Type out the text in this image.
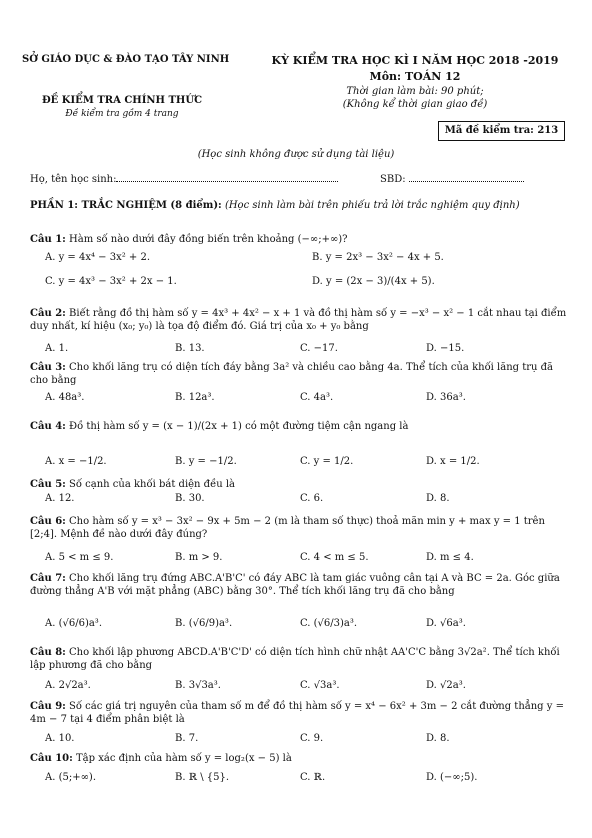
SỞ GIÁO DỤC & ĐÀO TẠO TÂY NINH	KỲ KIỂM TRA HỌC KÌ I NĂM HỌC 2018 -2019
Môn: TOÁN 12
Thời gian làm bài: 90 phút;
(Không kể thời gian giao đề)
ĐỀ KIỂM TRA CHÍNH THỨC
Đề kiểm tra gồm 4 trang
Mã đề kiểm tra: 213
(Học sinh không được sử dụng tài liệu)
Họ, tên học sinh:	SBD:
PHẦN 1: TRẮC NGHIỆM (8 điểm): (Học sinh làm bài trên phiếu trả lời trắc nghiệm quy định)
Câu 1: Hàm số nào dưới đây đồng biến trên khoảng (−∞;+∞)?
A. y = 4x⁴ − 3x² + 2.	B. y = 2x³ − 3x² − 4x + 5.
C. y = 4x³ − 3x² + 2x − 1.	D. y = (2x − 3)/(4x + 5).
Câu 2: Biết rằng đồ thị hàm số y = 4x³ + 4x² − x + 1 và đồ thị hàm số y = −x³ − x² − 1 cắt nhau tại điểm duy nhất, kí hiệu (x₀; y₀) là tọa độ điểm đó. Giá trị của x₀ + y₀ bằng
A. 1.	B. 13.	C. −17.	D. −15.
Câu 3: Cho khối lăng trụ có diện tích đáy bằng 3a² và chiều cao bằng 4a. Thể tích của khối lăng trụ đã cho bằng
A. 48a³.	B. 12a³.	C. 4a³.	D. 36a³.
Câu 4: Đồ thị hàm số y = (x − 1)/(2x + 1) có một đường tiệm cận ngang là
A. x = −1/2.	B. y = −1/2.	C. y = 1/2.	D. x = 1/2.
Câu 5: Số cạnh của khối bát diện đều là
A. 12.	B. 30.	C. 6.	D. 8.
Câu 6: Cho hàm số y = x³ − 3x² − 9x + 5m − 2 (m là tham số thực) thoả mãn min y + max y = 1 trên [2;4]. Mệnh đề nào dưới đây đúng?
A. 5 < m ≤ 9.	B. m > 9.	C. 4 < m ≤ 5.	D. m ≤ 4.
Câu 7: Cho khối lăng trụ đứng ABC.A'B'C' có đáy ABC là tam giác vuông cân tại A và BC = 2a. Góc giữa đường thẳng A'B với mặt phẳng (ABC) bằng 30°. Thể tích khối lăng trụ đã cho bằng
A. (√6/6)a³.	B. (√6/9)a³.	C. (√6/3)a³.	D. √6a³.
Câu 8: Cho khối lập phương ABCD.A'B'C'D' có diện tích hình chữ nhật AA'C'C bằng 3√2a². Thể tích khối lập phương đã cho bằng
A. 2√2a³.	B. 3√3a³.	C. √3a³.	D. √2a³.
Câu 9: Số các giá trị nguyên của tham số m để đồ thị hàm số y = x⁴ − 6x² + 3m − 2 cắt đường thẳng y = 4m − 7 tại 4 điểm phân biệt là
A. 10.	B. 7.	C. 9.	D. 8.
Câu 10: Tập xác định của hàm số y = log₂(x − 5) là
A. (5;+∞).	B. ℝ \ {5}.	C. ℝ.	D. (−∞;5).
